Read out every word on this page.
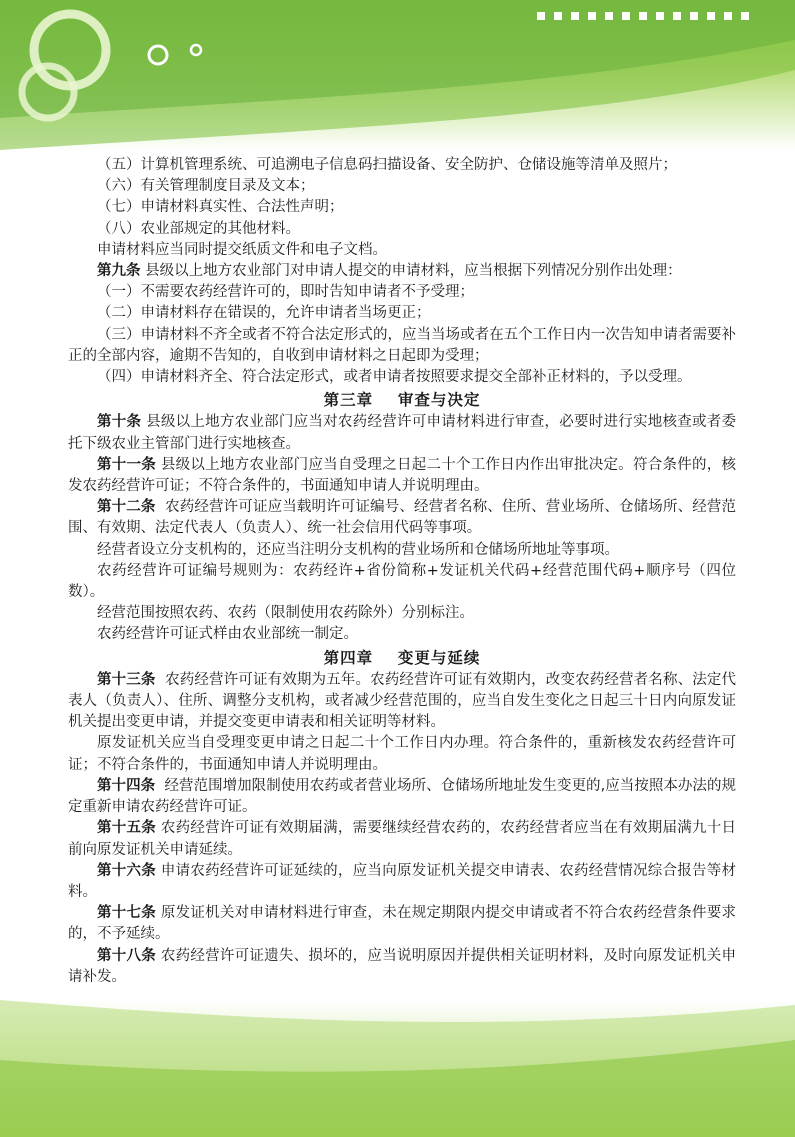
（五）计算机管理系统、可追溯电子信息码扫描设备、安全防护、仓储设施等清单及照片；

（六）有关管理制度目录及文本；

（七）申请材料真实性、合法性声明；

（八）农业部规定的其他材料。

申请材料应当同时提交纸质文件和电子文档。

第九条 县级以上地方农业部门对申请人提交的申请材料，应当根据下列情况分别作出处理：

（一）不需要农药经营许可的，即时告知申请者不予受理；

（二）申请材料存在错误的，允许申请者当场更正；

（三）申请材料不齐全或者不符合法定形式的，应当当场或者在五个工作日内一次告知申请者需要补正的全部内容，逾期不告知的，自收到申请材料之日起即为受理；

（四）申请材料齐全、符合法定形式，或者申请者按照要求提交全部补正材料的，予以受理。

第三章 审查与决定

第十条 县级以上地方农业部门应当对农药经营许可申请材料进行审查，必要时进行实地核查或者委托下级农业主管部门进行实地核查。

第十一条 县级以上地方农业部门应当自受理之日起二十个工作日内作出审批决定。符合条件的，核发农药经营许可证；不符合条件的，书面通知申请人并说明理由。

第十二条 农药经营许可证应当载明许可证编号、经营者名称、住所、营业场所、仓储场所、经营范围、有效期、法定代表人（负责人）、统一社会信用代码等事项。

经营者设立分支机构的，还应当注明分支机构的营业场所和仓储场所地址等事项。

农药经营许可证编号规则为：农药经许+省份简称+发证机关代码+经营范围代码+顺序号（四位数）。

经营范围按照农药、农药（限制使用农药除外）分别标注。

农药经营许可证式样由农业部统一制定。

第四章 变更与延续

第十三条 农药经营许可证有效期为五年。农药经营许可证有效期内，改变农药经营者名称、法定代表人（负责人）、住所、调整分支机构，或者减少经营范围的，应当自发生变化之日起三十日内向原发证机关提出变更申请，并提交变更申请表和相关证明等材料。

原发证机关应当自受理变更申请之日起二十个工作日内办理。符合条件的，重新核发农药经营许可证；不符合条件的，书面通知申请人并说明理由。

第十四条 经营范围增加限制使用农药或者营业场所、仓储场所地址发生变更的,应当按照本办法的规定重新申请农药经营许可证。

第十五条 农药经营许可证有效期届满，需要继续经营农药的，农药经营者应当在有效期届满九十日前向原发证机关申请延续。

第十六条 申请农药经营许可证延续的，应当向原发证机关提交申请表、农药经营情况综合报告等材料。

第十七条 原发证机关对申请材料进行审查，未在规定期限内提交申请或者不符合农药经营条件要求的，不予延续。

第十八条 农药经营许可证遗失、损坏的，应当说明原因并提供相关证明材料，及时向原发证机关申请补发。
